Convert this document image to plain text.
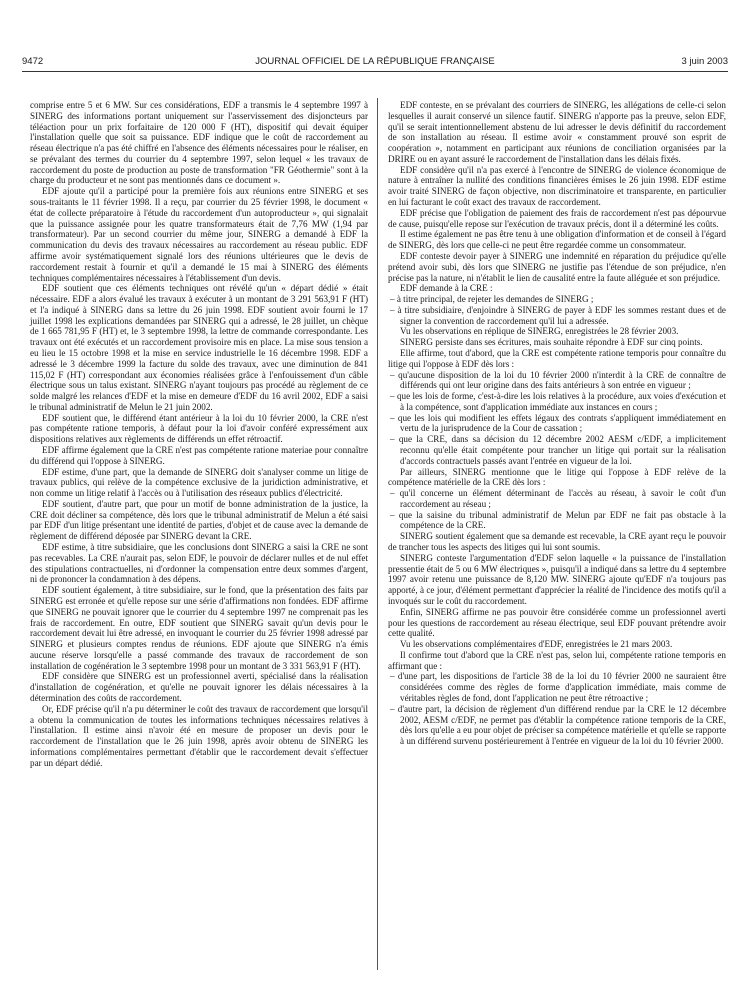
9472	JOURNAL OFFICIEL DE LA RÉPUBLIQUE FRANÇAISE	3 juin 2003

comprise entre 5 et 6 MW. Sur ces considérations, EDF a transmis le 4 septembre 1997 à SINERG des informations portant uniquement sur l'asservissement des disjoncteurs par téléaction pour un prix forfaitaire de 120 000 F (HT), dispositif qui devait équiper l'installation quelle que soit sa puissance. EDF indique que le coût de raccordement au réseau électrique n'a pas été chiffré en l'absence des éléments nécessaires pour le réaliser, en se prévalant des termes du courrier du 4 septembre 1997, selon lequel « les travaux de raccordement du poste de production au poste de transformation "FR Géothermie" sont à la charge du producteur et ne sont pas mentionnés dans ce document ».

EDF ajoute qu'il a participé pour la première fois aux réunions entre SINERG et ses sous-traitants le 11 février 1998. Il a reçu, par courrier du 25 février 1998, le document « état de collecte préparatoire à l'étude du raccordement d'un autoproducteur », qui signalait que la puissance assignée pour les quatre transformateurs était de 7,76 MW (1,94 par transformateur). Par un second courrier du même jour, SINERG a demandé à EDF la communication du devis des travaux nécessaires au raccordement au réseau public. EDF affirme avoir systématiquement signalé lors des réunions ultérieures que le devis de raccordement restait à fournir et qu'il a demandé le 15 mai à SINERG des éléments techniques complémentaires nécessaires à l'établissement d'un devis.

EDF soutient que ces éléments techniques ont révélé qu'un « départ dédié » était nécessaire. EDF a alors évalué les travaux à exécuter à un montant de 3 291 563,91 F (HT) et l'a indiqué à SINERG dans sa lettre du 26 juin 1998. EDF soutient avoir fourni le 17 juillet 1998 les explications demandées par SINERG qui a adressé, le 28 juillet, un chèque de 1 665 781,95 F (HT) et, le 3 septembre 1998, la lettre de commande correspondante. Les travaux ont été exécutés et un raccordement provisoire mis en place. La mise sous tension a eu lieu le 15 octobre 1998 et la mise en service industrielle le 16 décembre 1998. EDF a adressé le 3 décembre 1999 la facture du solde des travaux, avec une diminution de 841 115,02 F (HT) correspondant aux économies réalisées grâce à l'enfouissement d'un câble électrique sous un talus existant. SINERG n'ayant toujours pas procédé au règlement de ce solde malgré les relances d'EDF et la mise en demeure d'EDF du 16 avril 2002, EDF a saisi le tribunal administratif de Melun le 21 juin 2002.

EDF soutient que, le différend étant antérieur à la loi du 10 février 2000, la CRE n'est pas compétente ratione temporis, à défaut pour la loi d'avoir conféré expressément aux dispositions relatives aux règlements de différends un effet rétroactif.

EDF affirme également que la CRE n'est pas compétente ratione materiae pour connaître du différend qui l'oppose à SINERG.

EDF estime, d'une part, que la demande de SINERG doit s'analyser comme un litige de travaux publics, qui relève de la compétence exclusive de la juridiction administrative, et non comme un litige relatif à l'accès ou à l'utilisation des réseaux publics d'électricité.

EDF soutient, d'autre part, que pour un motif de bonne administration de la justice, la CRE doit décliner sa compétence, dès lors que le tribunal administratif de Melun a été saisi par EDF d'un litige présentant une identité de parties, d'objet et de cause avec la demande de règlement de différend déposée par SINERG devant la CRE.

EDF estime, à titre subsidiaire, que les conclusions dont SINERG a saisi la CRE ne sont pas recevables. La CRE n'aurait pas, selon EDF, le pouvoir de déclarer nulles et de nul effet des stipulations contractuelles, ni d'ordonner la compensation entre deux sommes d'argent, ni de prononcer la condamnation à des dépens.

EDF soutient également, à titre subsidiaire, sur le fond, que la présentation des faits par SINERG est erronée et qu'elle repose sur une série d'affirmations non fondées. EDF affirme que SINERG ne pouvait ignorer que le courrier du 4 septembre 1997 ne comprenait pas les frais de raccordement. En outre, EDF soutient que SINERG savait qu'un devis pour le raccordement devait lui être adressé, en invoquant le courrier du 25 février 1998 adressé par SINERG et plusieurs comptes rendus de réunions. EDF ajoute que SINERG n'a émis aucune réserve lorsqu'elle a passé commande des travaux de raccordement de son installation de cogénération le 3 septembre 1998 pour un montant de 3 331 563,91 F (HT).

EDF considère que SINERG est un professionnel averti, spécialisé dans la réalisation d'installation de cogénération, et qu'elle ne pouvait ignorer les délais nécessaires à la détermination des coûts de raccordement.

Or, EDF précise qu'il n'a pu déterminer le coût des travaux de raccordement que lorsqu'il a obtenu la communication de toutes les informations techniques nécessaires relatives à l'installation. Il estime ainsi n'avoir été en mesure de proposer un devis pour le raccordement de l'installation que le 26 juin 1998, après avoir obtenu de SINERG les informations complémentaires permettant d'établir que le raccordement devait s'effectuer par un départ dédié.

EDF conteste, en se prévalant des courriers de SINERG, les allégations de celle-ci selon lesquelles il aurait conservé un silence fautif. SINERG n'apporte pas la preuve, selon EDF, qu'il se serait intentionnellement abstenu de lui adresser le devis définitif du raccordement de son installation au réseau. Il estime avoir « constamment prouvé son esprit de coopération », notamment en participant aux réunions de conciliation organisées par la DRIRE ou en ayant assuré le raccordement de l'installation dans les délais fixés.

EDF considère qu'il n'a pas exercé à l'encontre de SINERG de violence économique de nature à entraîner la nullité des conditions financières émises le 26 juin 1998. EDF estime avoir traité SINERG de façon objective, non discriminatoire et transparente, en particulier en lui facturant le coût exact des travaux de raccordement.

EDF précise que l'obligation de paiement des frais de raccordement n'est pas dépourvue de cause, puisqu'elle repose sur l'exécution de travaux précis, dont il a déterminé les coûts.

Il estime également ne pas être tenu à une obligation d'information et de conseil à l'égard de SINERG, dès lors que celle-ci ne peut être regardée comme un consommateur.

EDF conteste devoir payer à SINERG une indemnité en réparation du préjudice qu'elle prétend avoir subi, dès lors que SINERG ne justifie pas l'étendue de son préjudice, n'en précise pas la nature, ni n'établit le lien de causalité entre la faute alléguée et son préjudice.

EDF demande à la CRE :

– à titre principal, de rejeter les demandes de SINERG ;

– à titre subsidiaire, d'enjoindre à SINERG de payer à EDF les sommes restant dues et de signer la convention de raccordement qu'il lui a adressée.

Vu les observations en réplique de SINERG, enregistrées le 28 février 2003.

SINERG persiste dans ses écritures, mais souhaite répondre à EDF sur cinq points.

Elle affirme, tout d'abord, que la CRE est compétente ratione temporis pour connaître du litige qui l'oppose à EDF dès lors :

– qu'aucune disposition de la loi du 10 février 2000 n'interdit à la CRE de connaître de différends qui ont leur origine dans des faits antérieurs à son entrée en vigueur ;

– que les lois de forme, c'est-à-dire les lois relatives à la procédure, aux voies d'exécution et à la compétence, sont d'application immédiate aux instances en cours ;

– que les lois qui modifient les effets légaux des contrats s'appliquent immédiatement en vertu de la jurisprudence de la Cour de cassation ;

– que la CRE, dans sa décision du 12 décembre 2002 AESM c/EDF, a implicitement reconnu qu'elle était compétente pour trancher un litige qui portait sur la réalisation d'accords contractuels passés avant l'entrée en vigueur de la loi.

Par ailleurs, SINERG mentionne que le litige qui l'oppose à EDF relève de la compétence matérielle de la CRE dès lors :

– qu'il concerne un élément déterminant de l'accès au réseau, à savoir le coût d'un raccordement au réseau ;

– que la saisine du tribunal administratif de Melun par EDF ne fait pas obstacle à la compétence de la CRE.

SINERG soutient également que sa demande est recevable, la CRE ayant reçu le pouvoir de trancher tous les aspects des litiges qui lui sont soumis.

SINERG conteste l'argumentation d'EDF selon laquelle « la puissance de l'installation pressentie était de 5 ou 6 MW électriques », puisqu'il a indiqué dans sa lettre du 4 septembre 1997 avoir retenu une puissance de 8,120 MW. SINERG ajoute qu'EDF n'a toujours pas apporté, à ce jour, d'élément permettant d'apprécier la réalité de l'incidence des motifs qu'il a invoqués sur le coût du raccordement.

Enfin, SINERG affirme ne pas pouvoir être considérée comme un professionnel averti pour les questions de raccordement au réseau électrique, seul EDF pouvant prétendre avoir cette qualité.

Vu les observations complémentaires d'EDF, enregistrées le 21 mars 2003.

Il confirme tout d'abord que la CRE n'est pas, selon lui, compétente ratione temporis en affirmant que :

– d'une part, les dispositions de l'article 38 de la loi du 10 février 2000 ne sauraient être considérées comme des règles de forme d'application immédiate, mais comme de véritables règles de fond, dont l'application ne peut être rétroactive ;

– d'autre part, la décision de règlement d'un différend rendue par la CRE le 12 décembre 2002, AESM c/EDF, ne permet pas d'établir la compétence ratione temporis de la CRE, dès lors qu'elle a eu pour objet de préciser sa compétence matérielle et qu'elle se rapporte à un différend survenu postérieurement à l'entrée en vigueur de la loi du 10 février 2000.
